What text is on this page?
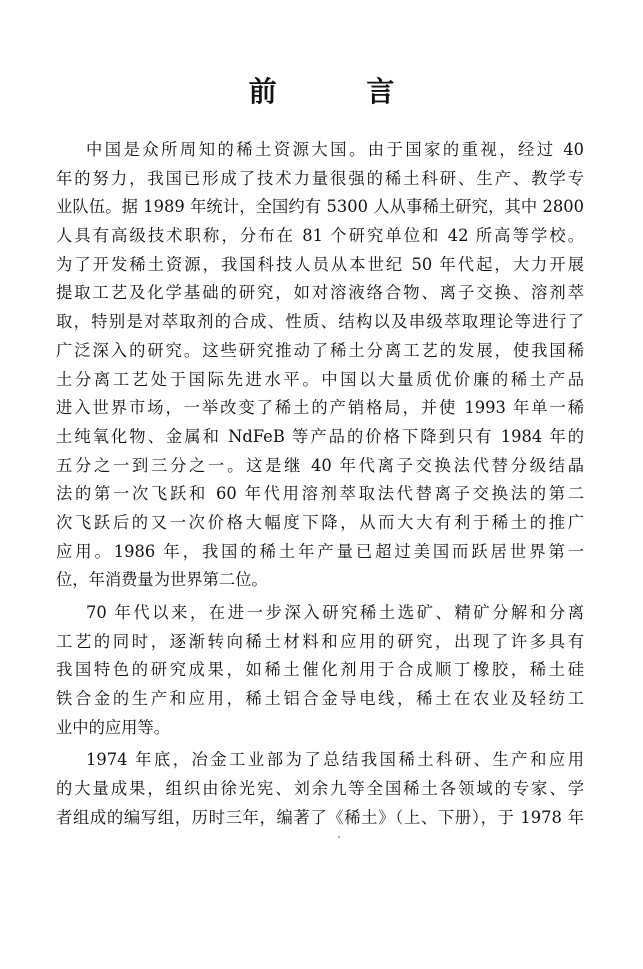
前 言
中国是众所周知的稀土资源大国。由于国家的重视，经过 40
年的努力，我国已形成了技术力量很强的稀土科研、生产、教学专
业队伍。据 1989 年统计，全国约有 5300 人从事稀土研究，其中 2800
人具有高级技术职称，分布在 81 个研究单位和 42 所高等学校。
为了开发稀土资源，我国科技人员从本世纪 50 年代起，大力开展
提取工艺及化学基础的研究，如对溶液络合物、离子交换、溶剂萃
取，特别是对萃取剂的合成、性质、结构以及串级萃取理论等进行了
广泛深入的研究。这些研究推动了稀土分离工艺的发展，使我国稀
土分离工艺处于国际先进水平。中国以大量质优价廉的稀土产品
进入世界市场，一举改变了稀土的产销格局，并使 1993 年单一稀
土纯氧化物、金属和 NdFeB 等产品的价格下降到只有 1984 年的
五分之一到三分之一。这是继 40 年代离子交换法代替分级结晶
法的第一次飞跃和 60 年代用溶剂萃取法代替离子交换法的第二
次飞跃后的又一次价格大幅度下降，从而大大有利于稀土的推广
应用。1986 年，我国的稀土年产量已超过美国而跃居世界第一
位，年消费量为世界第二位。
70 年代以来，在进一步深入研究稀土选矿、精矿分解和分离
工艺的同时，逐渐转向稀土材料和应用的研究，出现了许多具有
我国特色的研究成果，如稀土催化剂用于合成顺丁橡胶，稀土硅
铁合金的生产和应用，稀土铝合金导电线，稀土在农业及轻纺工
业中的应用等。
1974 年底，冶金工业部为了总结我国稀土科研、生产和应用
的大量成果，组织由徐光宪、刘余九等全国稀土各领域的专家、学
者组成的编写组，历时三年，编著了《稀土》（上、下册），于 1978 年
